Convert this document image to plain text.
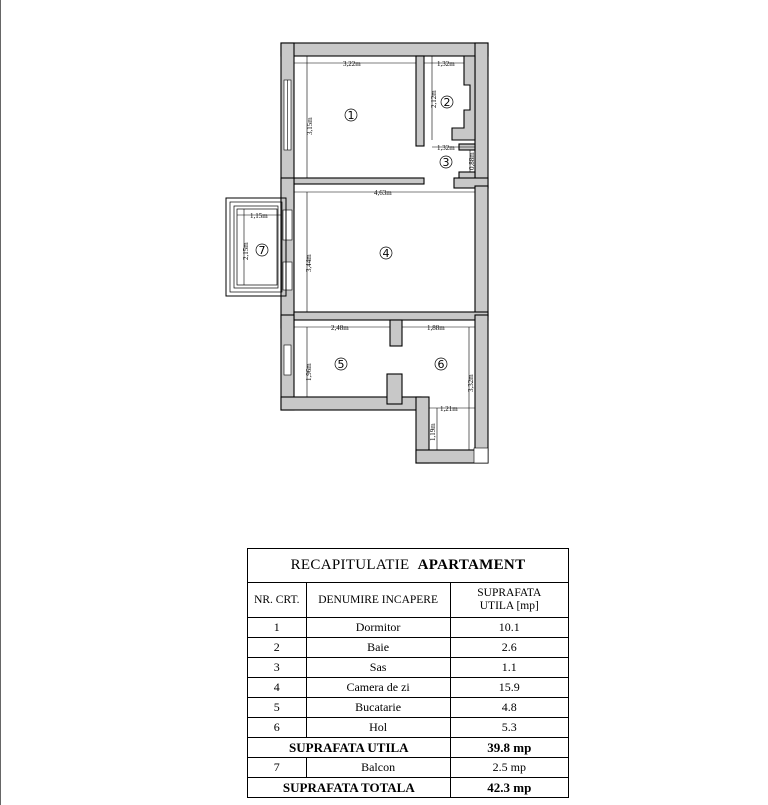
3,22m	1,32m
3,15m
2,12m
1,32m
0,88m
4,63m
1,15m
2,15m
3,44m
2,48m	1,88m
1,96m
3,32m
1,21m
1,19m
1
2
3
4
5	6
7
RECAPITULATIE APARTAMENT		
NR. CRT.	DENUMIRE INCAPERE	SUPRAFATA
UTILA [mp]
1	Dormitor	10.1
2	Baie	2.6
3	Sas	1.1
4	Camera de zi	15.9
5	Bucatarie	4.8
6	Hol	5.3
SUPRAFATA UTILA		39.8 mp
7	Balcon	2.5 mp
SUPRAFATA TOTALA		42.3 mp
